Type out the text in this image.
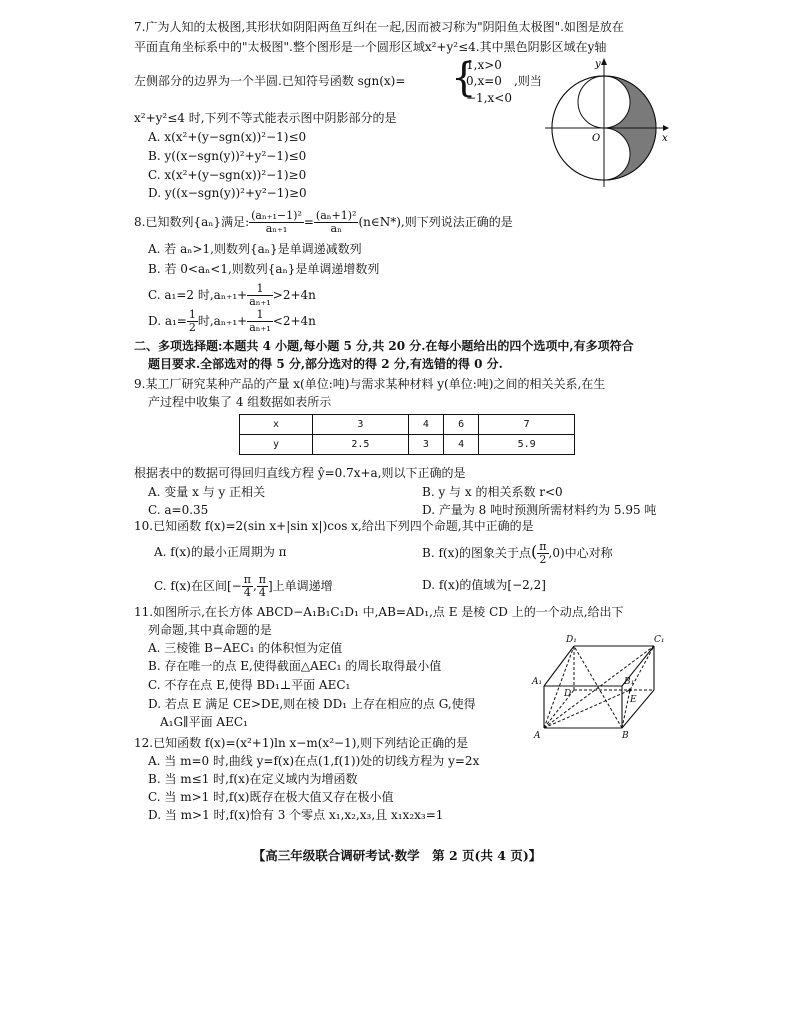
7.广为人知的太极图,其形状如阴阳两鱼互纠在一起,因而被习称为"阴阳鱼太极图".如图是放在
平面直角坐标系中的"太极图".整个图形是一个圆形区域x²+y²≤4.其中黑色阴影区域在y轴
左侧部分的边界为一个半圆.已知符号函数 sgn(x)= {
1,x>0
0,x=0
−1,x<0
,则当
x²+y²≤4 时,下列不等式能表示图中阴影部分的是
A. x(x²+(y−sgn(x))²−1)≤0
B. y((x−sgn(y))²+y²−1)≤0
C. x(x²+(y−sgn(x))²−1)≥0
D. y((x−sgn(y))²+y²−1)≥0
y
x
O
8.已知数列{aₙ}满足: $\frac{\text{(aₙ₊₁−1)²}}{\text{aₙ₊₁}} = \frac{\text{(aₙ+1)²}}{\text{aₙ}}$ (n∈N*),则下列说法正确的是
A. 若 aₙ>1,则数列{aₙ}是单调递减数列
B. 若 0<aₙ<1,则数列{aₙ}是单调递增数列
C. a₁=2 时$,a_{n+1}+ \frac{1}{\text{aₙ₊₁}} >2+4n$
D. $a_1= \frac{1}{2}$ 时$,a_{n+1}+ \frac{1}{\text{aₙ₊₁}} <2+4n$
二、多项选择题:本题共 4 小题,每小题 5 分,共 20 分.在每小题给出的四个选项中,有多项符合
题目要求.全部选对的得 5 分,部分选对的得 2 分,有选错的得 0 分.
9.某工厂研究某种产品的产量 x(单位:吨)与需求某种材料 y(单位:吨)之间的相关关系,在生
产过程中收集了 4 组数据如表所示
x	3	4	6	7
y	2.5	3	4	5.9
根据表中的数据可得回归直线方程 ŷ=0.7x+a,则以下正确的是
A. 变量 x 与 y 正相关	B. y 与 x 的相关系数 r<0
C. a=0.35	D. 产量为 8 吨时预测所需材料约为 5.95 吨
10.已知函数 f(x)=2(sin x+|sin x|)cos x,给出下列四个命题,其中正确的是
A. f(x)的最小正周期为 π	B. f(x)的图象关于点( $\frac{\pi}{2} ,0$)中心对称
C. f(x)在区间[− $\frac{\pi}{4}$ , $\frac{\pi}{4}$ ]上单调递增	D. f(x)的值域为[−2,2]
11.如图所示,在长方体 ABCD−A₁B₁C₁D₁ 中,AB=AD₁,点 E 是棱 CD 上的一个动点,给出下
列命题,其中真命题的是
A. 三棱锥 B−AEC₁ 的体积恒为定值
B. 存在唯一的点 E,使得截面△AEC₁ 的周长取得最小值
C. 不存在点 E,使得 BD₁⊥平面 AEC₁
D. 若点 E 满足 CE>DE,则在棱 DD₁ 上存在相应的点 G,使得
A₁G∥平面 AEC₁
D₁	C₁
A₁	B₁
D
E
A	B
12.已知函数 f(x)=(x²+1)ln x−m(x²−1),则下列结论正确的是
A. 当 m=0 时,曲线 y=f(x)在点(1,f(1))处的切线方程为 y=2x
B. 当 m≤1 时,f(x)在定义域内为增函数
C. 当 m>1 时,f(x)既存在极大值又存在极小值
D. 当 m>1 时,f(x)恰有 3 个零点 x₁,x₂,x₃,且 x₁x₂x₃=1
【高三年级联合调研考试·数学　第 2 页(共 4 页)】
